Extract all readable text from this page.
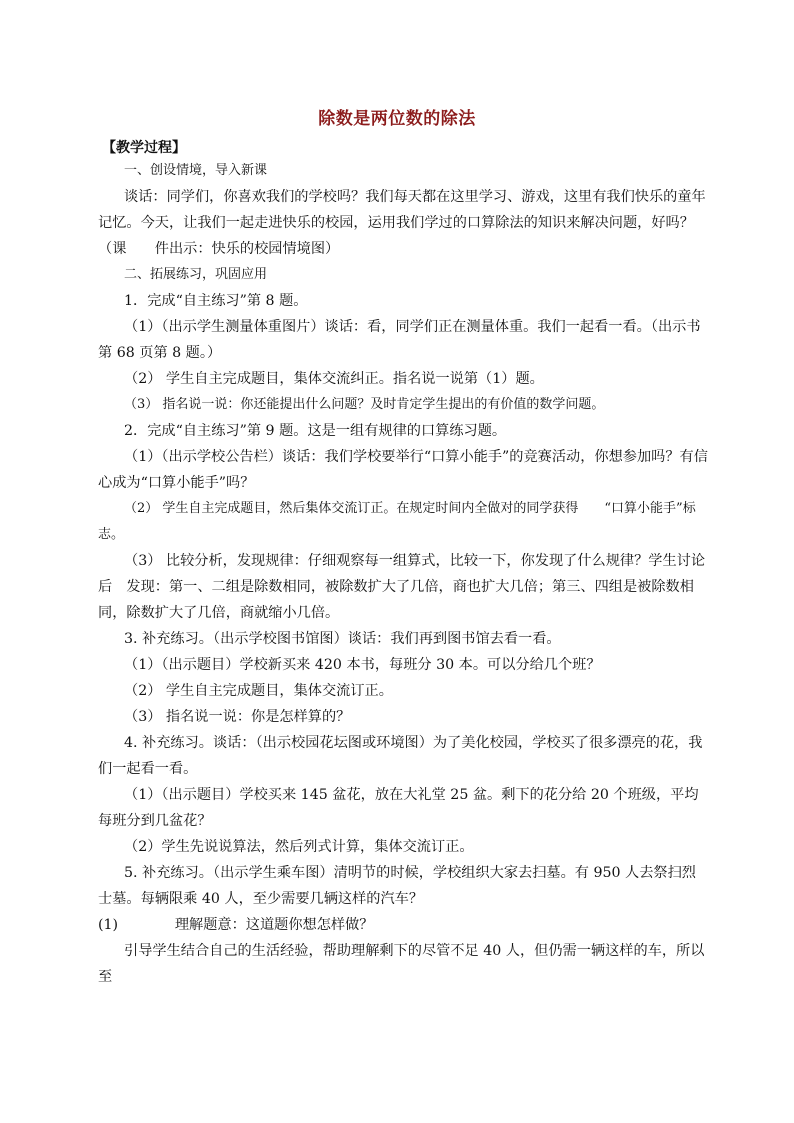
除数是两位数的除法
【教学过程】

一、创设情境，导入新课

谈话：同学们，你喜欢我们的学校吗？我们每天都在这里学习、游戏，这里有我们快乐的童年记忆。今天，让我们一起走进快乐的校园，运用我们学过的口算除法的知识来解决问题，好吗？（课　　件出示：快乐的校园情境图）

二、拓展练习，巩固应用

1．完成“自主练习”第 8 题。

（1）（出示学生测量体重图片）谈话：看，同学们正在测量体重。我们一起看一看。（出示书第 68 页第 8 题。）

（2） 学生自主完成题目，集体交流纠正。指名说一说第（1）题。

（3） 指名说一说：你还能提出什么问题？及时肯定学生提出的有价值的数学问题。

2．完成“自主练习”第 9 题。这是一组有规律的口算练习题。

（1）（出示学校公告栏）谈话：我们学校要举行“口算小能手”的竞赛活动，你想参加吗？有信心成为“口算小能手”吗？

（2） 学生自主完成题目，然后集体交流订正。在规定时间内全做对的同学获得　　“口算小能手”标志。

（3） 比较分析，发现规律：仔细观察每一组算式，比较一下，你发现了什么规律？学生讨论后　发现：第一、二组是除数相同，被除数扩大了几倍，商也扩大几倍；第三、四组是被除数相同，除数扩大了几倍，商就缩小几倍。

3. 补充练习。（出示学校图书馆图）谈话：我们再到图书馆去看一看。

（1）（出示题目）学校新买来 420 本书，每班分 30 本。可以分给几个班？

（2） 学生自主完成题目，集体交流订正。

（3） 指名说一说：你是怎样算的？

4. 补充练习。谈话：（出示校园花坛图或环境图）为了美化校园，学校买了很多漂亮的花，我们一起看一看。

（1）（出示题目）学校买来 145 盆花，放在大礼堂 25 盆。剩下的花分给 20 个班级，平均每班分到几盆花？

（2）学生先说说算法，然后列式计算，集体交流订正。

5. 补充练习。（出示学生乘车图）清明节的时候，学校组织大家去扫墓。有 950 人去祭扫烈士墓。每辆限乘 40 人，至少需要几辆这样的汽车？

(1)　　　　理解题意：这道题你想怎样做？

引导学生结合自己的生活经验，帮助理解剩下的尽管不足 40 人，但仍需一辆这样的车，所以至
